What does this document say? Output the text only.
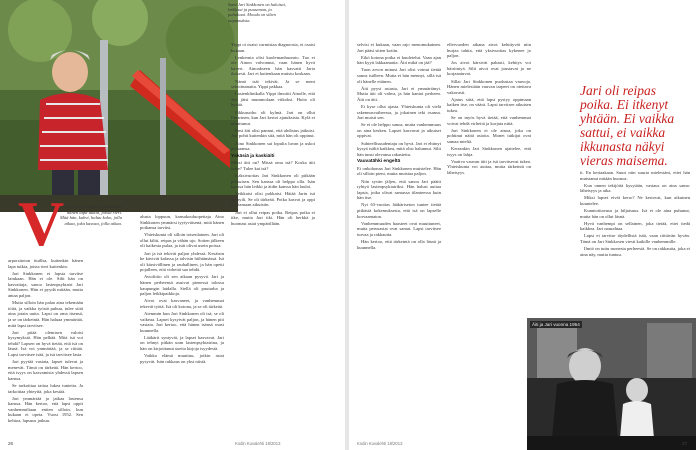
Sami Jari Sinkkonen on haloisai, leikkisai ja puuseman, ja pultultaai. Moodu on silten taipumuksia.
V
...arporsitoton ituillsa, kuitenkin hänen lapa tutkia, joista rieri. Mää hän, kahvi, haluu koko, jolla aikaa, joka kasvaa, jolla aikaa.

arporsitoton ituillsa, kuitenkin hänen lapa tutkia, joista rieri kuitenkin.

Jari Sinkkonen ei lapsia tarvitse lainkaan. Hän ei ole. Silti hän on kasvattaja, sanoo lastenpsykiatri Jari Sinkkonen. Hän ei pyydä mitään, mutta antaa paljon.

Mutta silloin hän palaa aina tekemään töitä, ja vaikka työstä puhuu, tulee siitä aina jotain uutta. Lapsi on oma itsensä, ja se on tärkeintä. Hän haluaa ymmärtää, mitä lapsi tarvitsee.

Jari pitää olemisen valoisi kysymyksiä. Hän pelkää. Mitä isä voi tehdä? Lapsen on hyvä tietää, että isä on läsnä. Isä voi ymmärtää, ja se riittää. Lapsi tarvitsee isää, ja isä tarvitsee lasta.

Jari pyytää vastata, lapset tulevat ja menevät. Tämä on tärkeää. Hän kertoo, että isyys on kasvamista yhdessä lapsen kanssa.

Se tarkoittaa taitoa lukea tunteita. Ja tarkoittaa yhteyttä, joka kestää.

Jari ymmärtää ja jatkaa lastensa kanssa. Hän kertoo, että lapsi oppii vanhemmiltaan eniten silloin, kun kukaan ei opeta. Vuosi 1952. Sen kehtoa, lapsuus jatkuu.

alusta loppuun, kansakouluopettaja Aino Sinkkonen ymmärsi tyytyväisenä, mitä hänen poikansa tarvitsi.

Yhteiskunta oli silloin toisenlainen. Jari oli ollut kiltti, reipas ja vähän ujo. Sotien jälkeen oli kaikesta pulaa, ja isät olivat usein poissa.

Jari ja isä tekivät paljon yhdessä. Kesäisin he kävivät kalassa ja talvisin hiihtämässä. Isä oli kärsivällinen ja rauhallinen, ja hän opetti pojalleen, että virheitä saa tehdä.

Avioliitto oli sen aikaan pysyvä. Jari ja hänen perheensä asuivat pienessä talossa kaupungin laidalla. Siellä oli puutarha ja paljon leikkipaikkoja.

Aivot ovat kasvaneet, ja vanhemmat tekevät työtä. Isä oli kotona, ja se oli tärkeää.

Aiemmin kun Jari Sinkkonen oli isä, se oli vaikeaa. Lapset kysyivät paljon, ja hänen piti vastata. Jari kertoo, että hänen isänsä osasi kuunnella.

Lääkärit syntyvät, ja lapset kasvavat. Jari on tehnyt pitkän uran lastenpsykiatrina, ja hän on kirjoittanut useita kirjoja isyydestä.

Vaikka elämä muuttuu, jotkin asiat pysyvät. Isän rakkaus on yksi niistä.

Yippi oi osaisi varmistaa diagnoosia, ei osaisi kukaan.

Lenkernia olisi kuolemanhuomio. Tuo ei ole Ainon valvonnut, vaan hänen hyvä kaveri. Ainoakseen hän kasvatti Jaria iloisesti. Jari ei kuitenkaan muistu koskaan.

Nämä isät tekivät. Ja se meni sekoittumatta. Yippi pakkaa.

Lastenklinikalla Yippi ilmoitti Ainolle, että Jari jäisi mummolaan viikoksi. Hoito oli hyvää.

Pikkuruoho oli kylmä. Jari on ollut Ilmarinen, kun Jari kertoi ajatuksista. Kylä ei muuttunut.

Ensi äiti olisi pannut, että ahdistus jatkuisi. Jari pohti kuitenkin sitä, mitä hän oli oppinut.

Aino Sinkkonen sai lopulta luvan ja uskoi poikaansa.

Yskäsiä ja kaskiäiti

Miksi äiti on? Missä oma isä? Koska äiti tulee? Tulee kai isä?

Kaksivuotias Jari Sinkkonen oli pitkään pikkuisen. Sen kanssa oli helppo olla. Isän kanssa hän leikki ja äidin kanssa hän lauloi.

Veikkaisi olisi pokkaisi. Häiää Jarin isä hymyili. Se oli tärkeää. Poika kasvoi ja oppi luottamaan aikuisiin.

Jari ei ollut reipas poika. Reipas poika ei itke, mutta Jari itki. Hän oli herkkä ja huomasi asiat ympärillään.

26	Kodin Kuvalehti 18/2013

selvisi ei kukaan, vaan rajo menomukainen. Jari pääsi sitten kotiin.

Eikö kotona poika ei kuuletelut. Vaan ajan hän kyyti lakkaamatta. Äiti mikä on jää?

Tuon arvon minusi Jari olisi voinut tietää sanoa isälleen. Mutta ei hän mennyt, sillä isä oli hänelle etäinen.

Äiti pyysi asiasta, Jari ei ymmärtänyt. Mutta äiti oli vahva, ja hän kantoi perheen. Äiti on äiti.

Ei kyse ollut ajasta. Yhteiskunta oli vielä rakennusvaiheessa, ja jokainen teki osansa. Jari muisti sen.

Se ei ole helppo sanoa, mutta vanhemmuus on aina kesken. Lapset kasvavat ja aikuiset oppivat.

Suhteellisuudentaju on hyvä. Jari ei ehtinyt kysyä isältä kaikkea, mitä olisi halunnut. Silti hän tunsi olevansa rakastettu.

Vauvatähki engeltä

Ei onkohonaa Jari Sinkkonen muistelee. Hän oli silloin pieni, mutta muistaa paljon.

Niin syvän jäljen, että sanoa Jari päätti ryhtyä lastenpsykiatriksi. Hän halusi auttaa lapsia, jotka olivat samassa tilanteessa kuin hän itse.

Nyt 63-vuotias lääkäriseton tuntee tietää pitkästä kokemuksesta, että isä on lapselle korvaamaton.

Vanhemmuuden haasteet ovat muuttuneet, mutta perusasiat ovat samat. Lapsi tarvitsee turvaa ja rakkautta.

Hän kertoo, että tärkeintä on olla läsnä ja kuunnella.

ellervuoden aikana aivot kehittyvät niin hurjaa tahtia, että yksivuotias kykenee jo paljon.

Jos aivot kärsivät pahasti, kehitys voi häiriintyä. Silti aivot ovat joustavat ja ne korjaantuvat.

Sillai Jari Sinkkonen puolustaa vauvoja. Hänen mielestään vauvan tarpeet on otettava vakavasti.

Ajatus siitä, että lapsi pystyy oppimaan kaiken itse, on väärä. Lapsi tarvitsee aikuisen tukea.

Se on myös hyvä tietää, että vanhemmat voivat tehdä virheitä ja korjata niitä.

Jari Sinkkonen ei ole ainoa, joka on pohtinut näitä asioita. Monet tutkijat ovat samaa mieltä.

Kerrankin Jari Sinkkonen ajattelee, että isyys on lahja.

Vaativa vauvan äiti ja isä tarvitsevat tukea. Yhteiskunta voi auttaa, mutta tärkeintä on läheisyys.

Jari oli reipas poika. Ei itkenyt yhtään. Ei vaikka sattui, ei vaikka ikkunasta näkyi vieras maisema.

ti. En kertaakaan. Suuri niin suuria mielestäni, ettei hän muistanut mitään huonoa.

Kun onnen tekijöitä kysytään, vastaus on aina sama: läheisyys ja aika.

Miksi lapset eivät kerro? Ne kertovat, kun aikuinen kuuntelee.

Kunnioittavuus ja hiljaisuus. Isä ei ole aina puhunut, mutta hän on ollut läsnä.

Hyvä vanhempi on sellainen, joka tietää, ettei tiedä kaikkea. Jari naurahtaa.

Lapsi ei tarvitse täydellistä isää, vaan riittävän hyvän. Tämä on Jari Sinkkosen viesti kaikille vanhemmille.

Ilmiö on tuttu monesta perheestä. Se on rakkautta, joka ei aina näy, mutta tuntuu.

Äiti ja Jari vuonna 1954
27
Kodin Kuvalehti 18/2013
